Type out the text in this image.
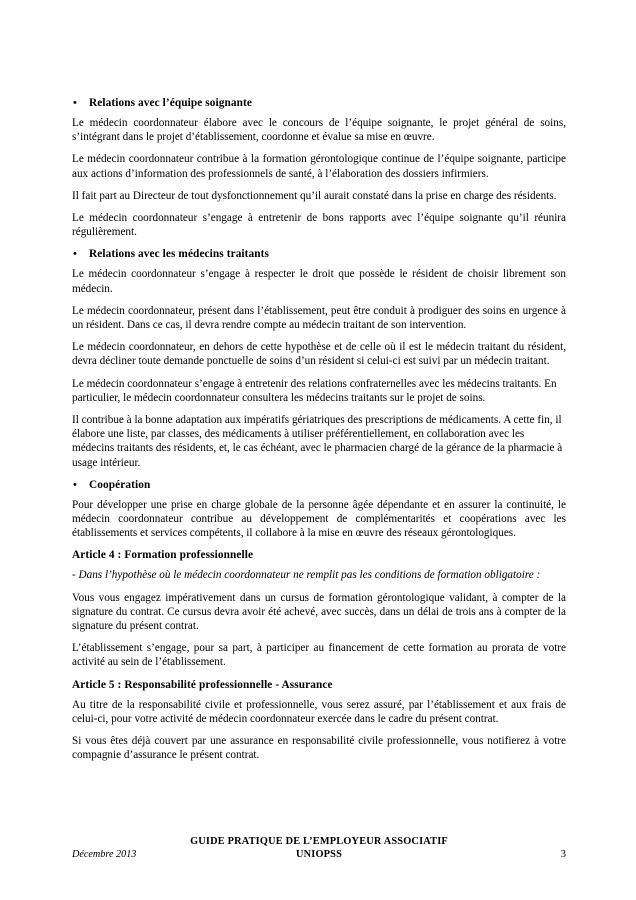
• Relations avec l’équipe soignante

Le médecin coordonnateur élabore avec le concours de l’équipe soignante, le projet général de soins, s’intégrant dans le projet d’établissement, coordonne et évalue sa mise en œuvre.

Le médecin coordonnateur contribue à la formation gérontologique continue de l’équipe soignante, participe aux actions d’information des professionnels de santé, à l’élaboration des dossiers infirmiers.

Il fait part au Directeur de tout dysfonctionnement qu’il aurait constaté dans la prise en charge des résidents.

Le médecin coordonnateur s’engage à entretenir de bons rapports avec l’équipe soignante qu’il réunira régulièrement.

• Relations avec les médecins traitants

Le médecin coordonnateur s’engage à respecter le droit que possède le résident de choisir librement son médecin.

Le médecin coordonnateur, présent dans l’établissement, peut être conduit à prodiguer des soins en urgence à un résident. Dans ce cas, il devra rendre compte au médecin traitant de son intervention.

Le médecin coordonnateur, en dehors de cette hypothèse et de celle où il est le médecin traitant du résident, devra décliner toute demande ponctuelle de soins d’un résident si celui-ci est suivi par un médecin traitant.

Le médecin coordonnateur s’engage à entretenir des relations confraternelles avec les médecins traitants. En particulier, le médecin coordonnateur consultera les médecins traitants sur le projet de soins.

Il contribue à la bonne adaptation aux impératifs gériatriques des prescriptions de médicaments. A cette fin, il élabore une liste, par classes, des médicaments à utiliser préférentiellement, en collaboration avec les médecins traitants des résidents, et, le cas échéant, avec le pharmacien chargé de la gérance de la pharmacie à usage intérieur.

• Coopération

Pour développer une prise en charge globale de la personne âgée dépendante et en assurer la continuité, le médecin coordonnateur contribue au développement de complémentarités et coopérations avec les établissements et services compétents, il collabore à la mise en œuvre des réseaux gérontologiques.

Article 4 : Formation professionnelle

- Dans l’hypothèse où le médecin coordonnateur ne remplit pas les conditions de formation obligatoire :

Vous vous engagez impérativement dans un cursus de formation gérontologique validant, à compter de la signature du contrat. Ce cursus devra avoir été achevé, avec succès, dans un délai de trois ans à compter de la signature du présent contrat.

L’établissement s’engage, pour sa part, à participer au financement de cette formation au prorata de votre activité au sein de l’établissement.

Article 5 : Responsabilité professionnelle - Assurance

Au titre de la responsabilité civile et professionnelle, vous serez assuré, par l’établissement et aux frais de celui-ci, pour votre activité de médecin coordonnateur exercée dans le cadre du présent contrat.

Si vous êtes déjà couvert par une assurance en responsabilité civile professionnelle, vous notifierez à votre compagnie d’assurance le présent contrat.

GUIDE PRATIQUE DE L’EMPLOYEUR ASSOCIATIF
UNIOPSS
Décembre 2013	3
